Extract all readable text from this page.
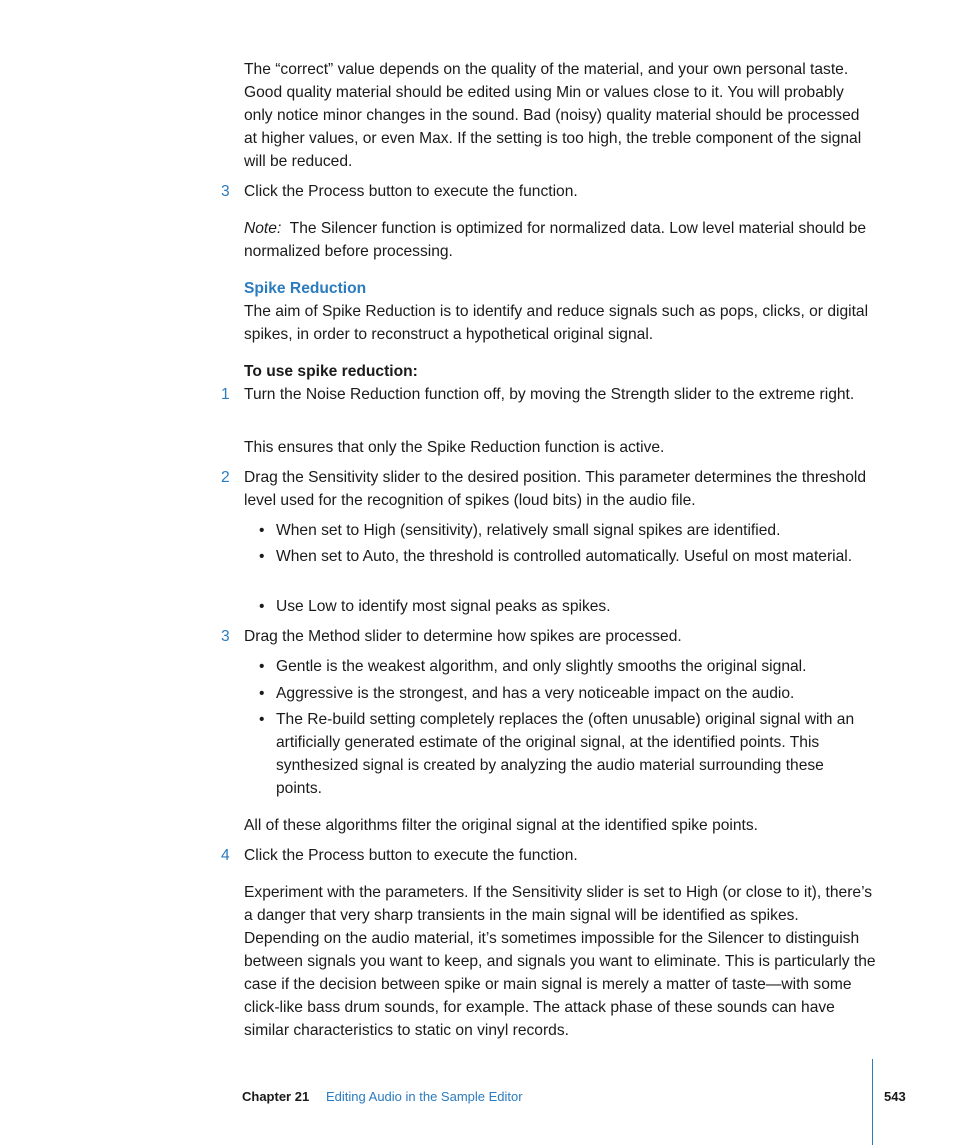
The “correct” value depends on the quality of the material, and your own personal taste. Good quality material should be edited using Min or values close to it. You will probably only notice minor changes in the sound. Bad (noisy) quality material should be processed at higher values, or even Max. If the setting is too high, the treble component of the signal will be reduced.

3 Click the Process button to execute the function.

Note: The Silencer function is optimized for normalized data. Low level material should be normalized before processing.

Spike Reduction

The aim of Spike Reduction is to identify and reduce signals such as pops, clicks, or digital spikes, in order to reconstruct a hypothetical original signal.

To use spike reduction:
1 Turn the Noise Reduction function off, by moving the Strength slider to the extreme right.

This ensures that only the Spike Reduction function is active.

2 Drag the Sensitivity slider to the desired position. This parameter determines the threshold level used for the recognition of spikes (loud bits) in the audio file.

• When set to High (sensitivity), relatively small signal spikes are identified.

• When set to Auto, the threshold is controlled automatically. Useful on most material.

• Use Low to identify most signal peaks as spikes.

3 Drag the Method slider to determine how spikes are processed.

• Gentle is the weakest algorithm, and only slightly smooths the original signal.

• Aggressive is the strongest, and has a very noticeable impact on the audio.

• The Re-build setting completely replaces the (often unusable) original signal with an artificially generated estimate of the original signal, at the identified points. This synthesized signal is created by analyzing the audio material surrounding these points.

All of these algorithms filter the original signal at the identified spike points.

4 Click the Process button to execute the function.

Experiment with the parameters. If the Sensitivity slider is set to High (or close to it), there’s a danger that very sharp transients in the main signal will be identified as spikes. Depending on the audio material, it’s sometimes impossible for the Silencer to distinguish between signals you want to keep, and signals you want to eliminate. This is particularly the case if the decision between spike or main signal is merely a matter of taste—with some click-like bass drum sounds, for example. The attack phase of these sounds can have similar characteristics to static on vinyl records.

Chapter 21 Editing Audio in the Sample Editor	543
